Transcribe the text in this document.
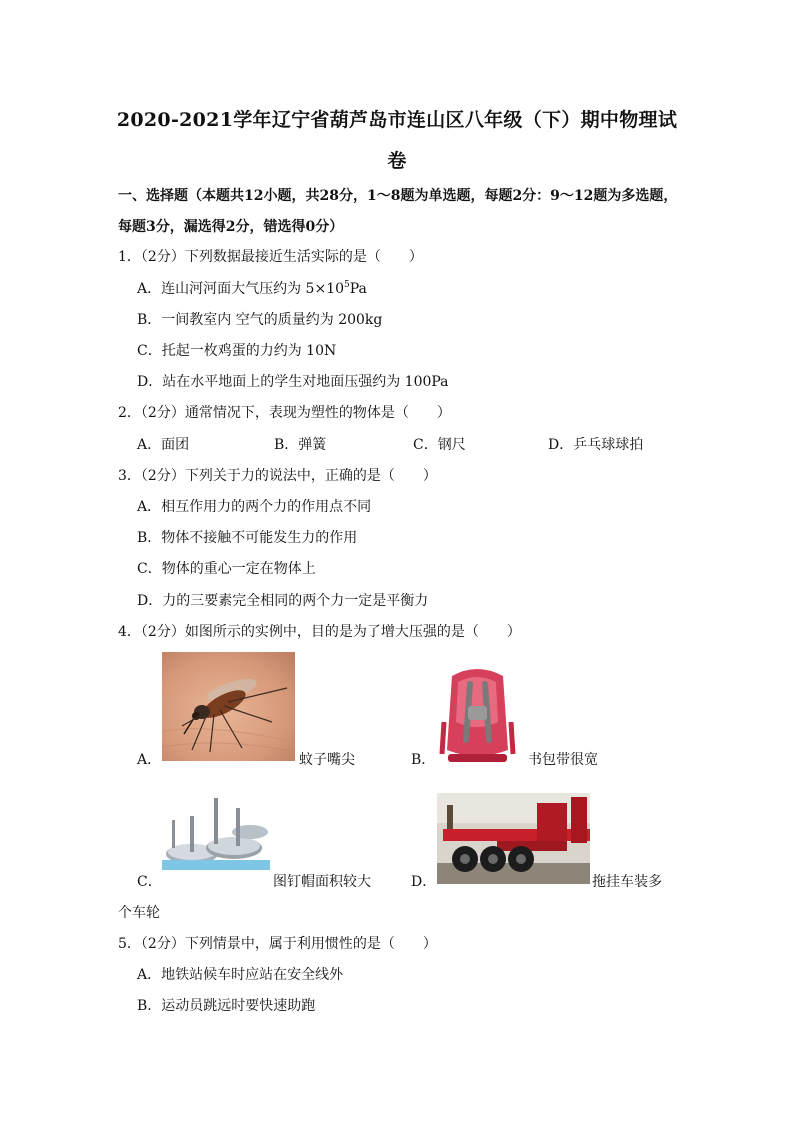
2020-2021学年辽宁省葫芦岛市连山区八年级（下）期中物理试
卷
一、选择题（本题共12小题，共28分，1～8题为单选题，每题2分：9～12题为多选题，
每题3分，漏选得2分，错选得0分）
1．（2分）下列数据最接近生活实际的是（　　）
A．连山河河面大气压约为 $5\times 10^5Pa$
B．一间教室内 空气的质量约为 200kg
C．托起一枚鸡蛋的力约为 10N
D．站在水平地面上的学生对地面压强约为 100Pa
2．（2分）通常情况下，表现为塑性的物体是（　　）
A．面团	B．弹簧	C．钢尺	D．乒乓球球拍
3．（2分）下列关于力的说法中，正确的是（　　）
A．相互作用力的两个力的作用点不同
B．物体不接触不可能发生力的作用
C．物体的重心一定在物体上
D．力的三要素完全相同的两个力一定是平衡力
4．（2分）如图所示的实例中，目的是为了增大压强的是（　　）
A．	蚊子嘴尖	B．	书包带很宽
C．	图钉帽面积较大	D．	拖挂车装多
个车轮
5．（2分）下列情景中，属于利用惯性的是（　　）
A．地铁站候车时应站在安全线外
B．运动员跳远时要快速助跑
